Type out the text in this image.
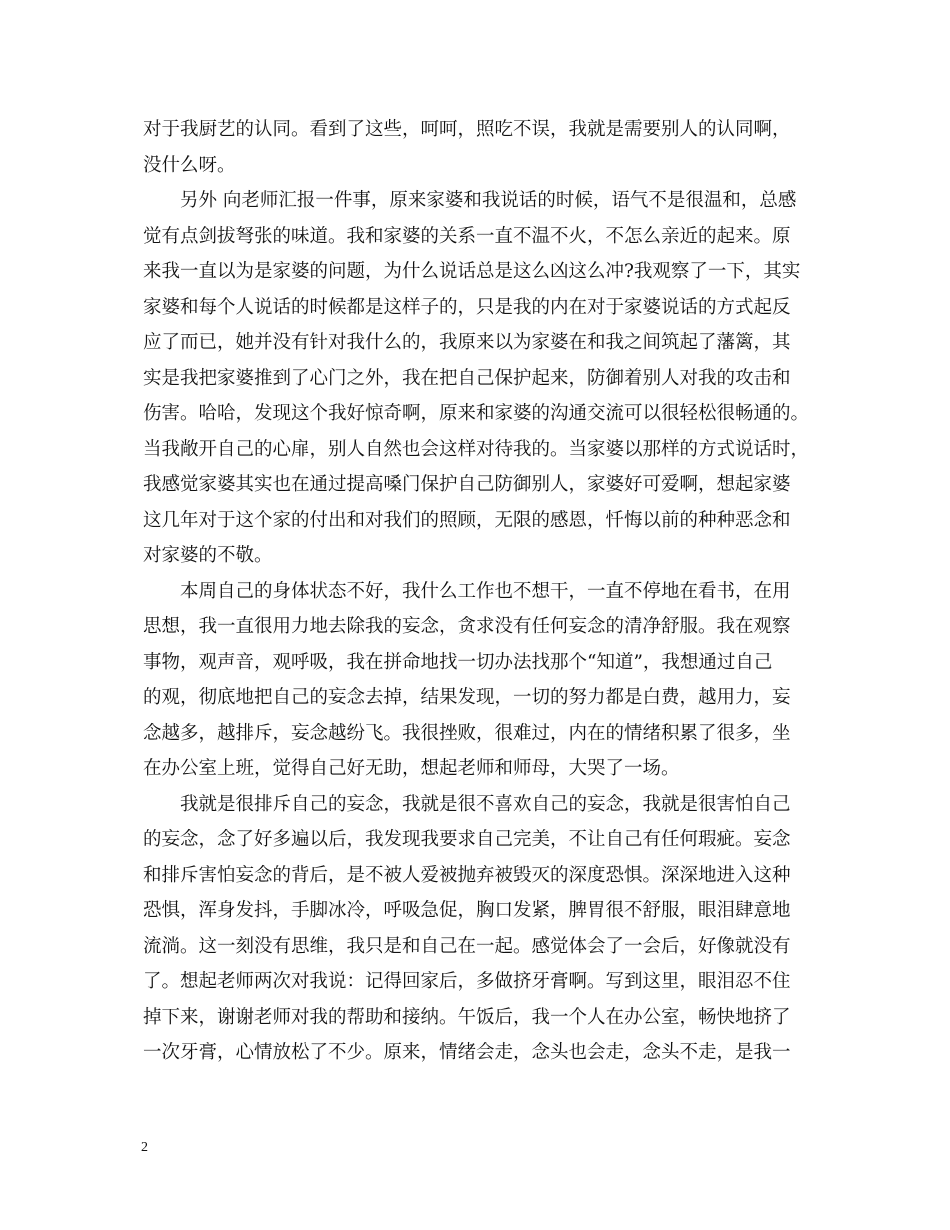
对于我厨艺的认同。看到了这些，呵呵，照吃不误，我就是需要别人的认同啊，
没什么呀。
　　另外 向老师汇报一件事，原来家婆和我说话的时候，语气不是很温和，总感
觉有点剑拔弩张的味道。我和家婆的关系一直不温不火，不怎么亲近的起来。原
来我一直以为是家婆的问题，为什么说话总是这么凶这么冲?我观察了一下，其实
家婆和每个人说话的时候都是这样子的，只是我的内在对于家婆说话的方式起反
应了而已，她并没有针对我什么的，我原来以为家婆在和我之间筑起了藩篱，其
实是我把家婆推到了心门之外，我在把自己保护起来，防御着别人对我的攻击和
伤害。哈哈，发现这个我好惊奇啊，原来和家婆的沟通交流可以很轻松很畅通的。
当我敞开自己的心扉，别人自然也会这样对待我的。当家婆以那样的方式说话时，
我感觉家婆其实也在通过提高嗓门保护自己防御别人，家婆好可爱啊，想起家婆
这几年对于这个家的付出和对我们的照顾，无限的感恩，忏悔以前的种种恶念和
对家婆的不敬。
　　本周自己的身体状态不好，我什么工作也不想干，一直不停地在看书，在用
思想，我一直很用力地去除我的妄念，贪求没有任何妄念的清净舒服。我在观察
事物，观声音，观呼吸，我在拼命地找一切办法找那个“知道”，我想通过自己
的观，彻底地把自己的妄念去掉，结果发现，一切的努力都是白费，越用力，妄
念越多，越排斥，妄念越纷飞。我很挫败，很难过，内在的情绪积累了很多，坐
在办公室上班，觉得自己好无助，想起老师和师母，大哭了一场。
　　我就是很排斥自己的妄念，我就是很不喜欢自己的妄念，我就是很害怕自己
的妄念，念了好多遍以后，我发现我要求自己完美，不让自己有任何瑕疵。妄念
和排斥害怕妄念的背后，是不被人爱被抛弃被毁灭的深度恐惧。深深地进入这种
恐惧，浑身发抖，手脚冰冷，呼吸急促，胸口发紧，脾胃很不舒服，眼泪肆意地
流淌。这一刻没有思维，我只是和自己在一起。感觉体会了一会后，好像就没有
了。想起老师两次对我说：记得回家后，多做挤牙膏啊。写到这里，眼泪忍不住
掉下来，谢谢老师对我的帮助和接纳。午饭后，我一个人在办公室，畅快地挤了
一次牙膏，心情放松了不少。原来，情绪会走，念头也会走，念头不走，是我一
2
